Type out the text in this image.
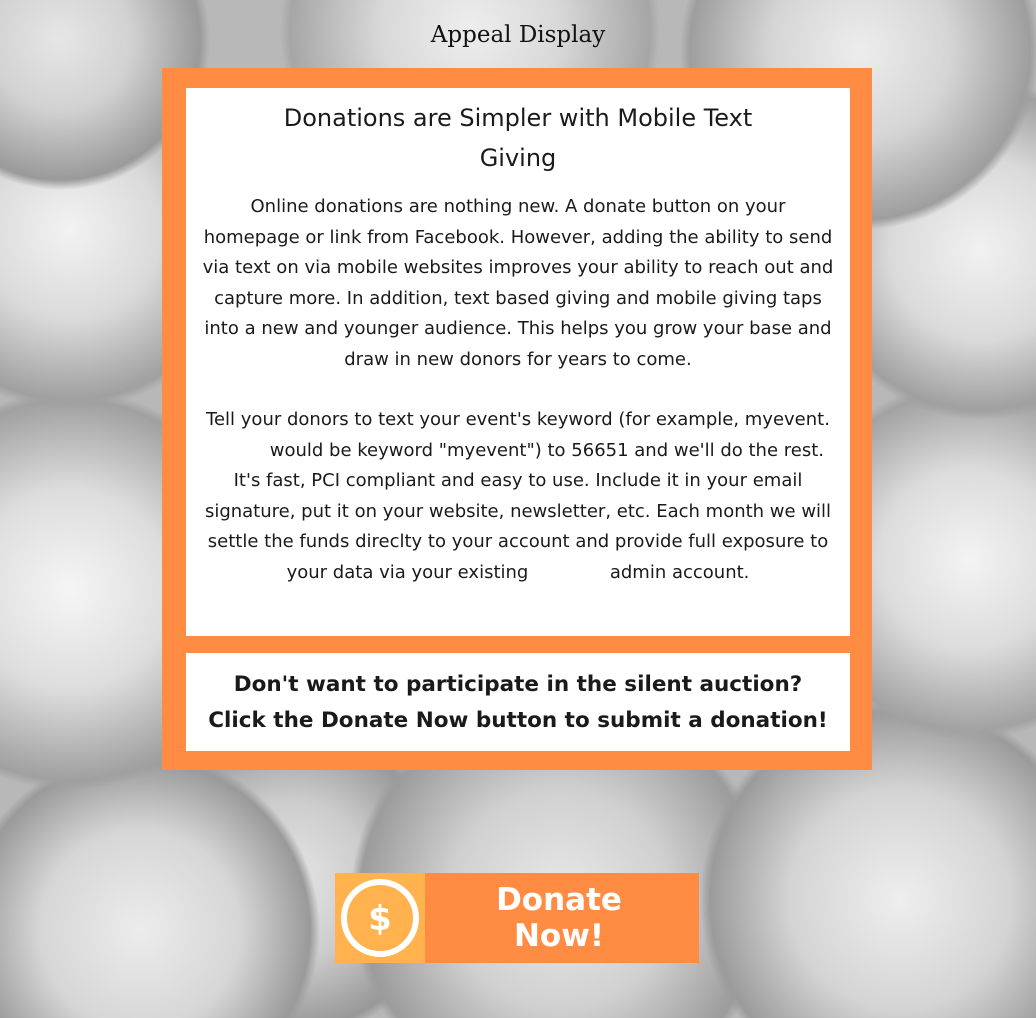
Appeal Display
Donations are Simpler with Mobile Text Giving

Online donations are nothing new. A donate button on your homepage or link from Facebook. However, adding the ability to send via text on via mobile websites improves your ability to reach out and capture more. In addition, text based giving and mobile giving taps into a new and younger audience. This helps you grow your base and draw in new donors for years to come.

Tell your donors to text your event's keyword (for example, myevent. would be keyword "myevent") to 56651 and we'll do the rest. It's fast, PCI compliant and easy to use. Include it in your email signature, put it on your website, newsletter, etc. Each month we will settle the funds direclty to your account and provide full exposure to your data via your existing	admin account.

Don't want to participate in the silent auction? Click the Donate Now button to submit a donation!

$	Donate
Now!
